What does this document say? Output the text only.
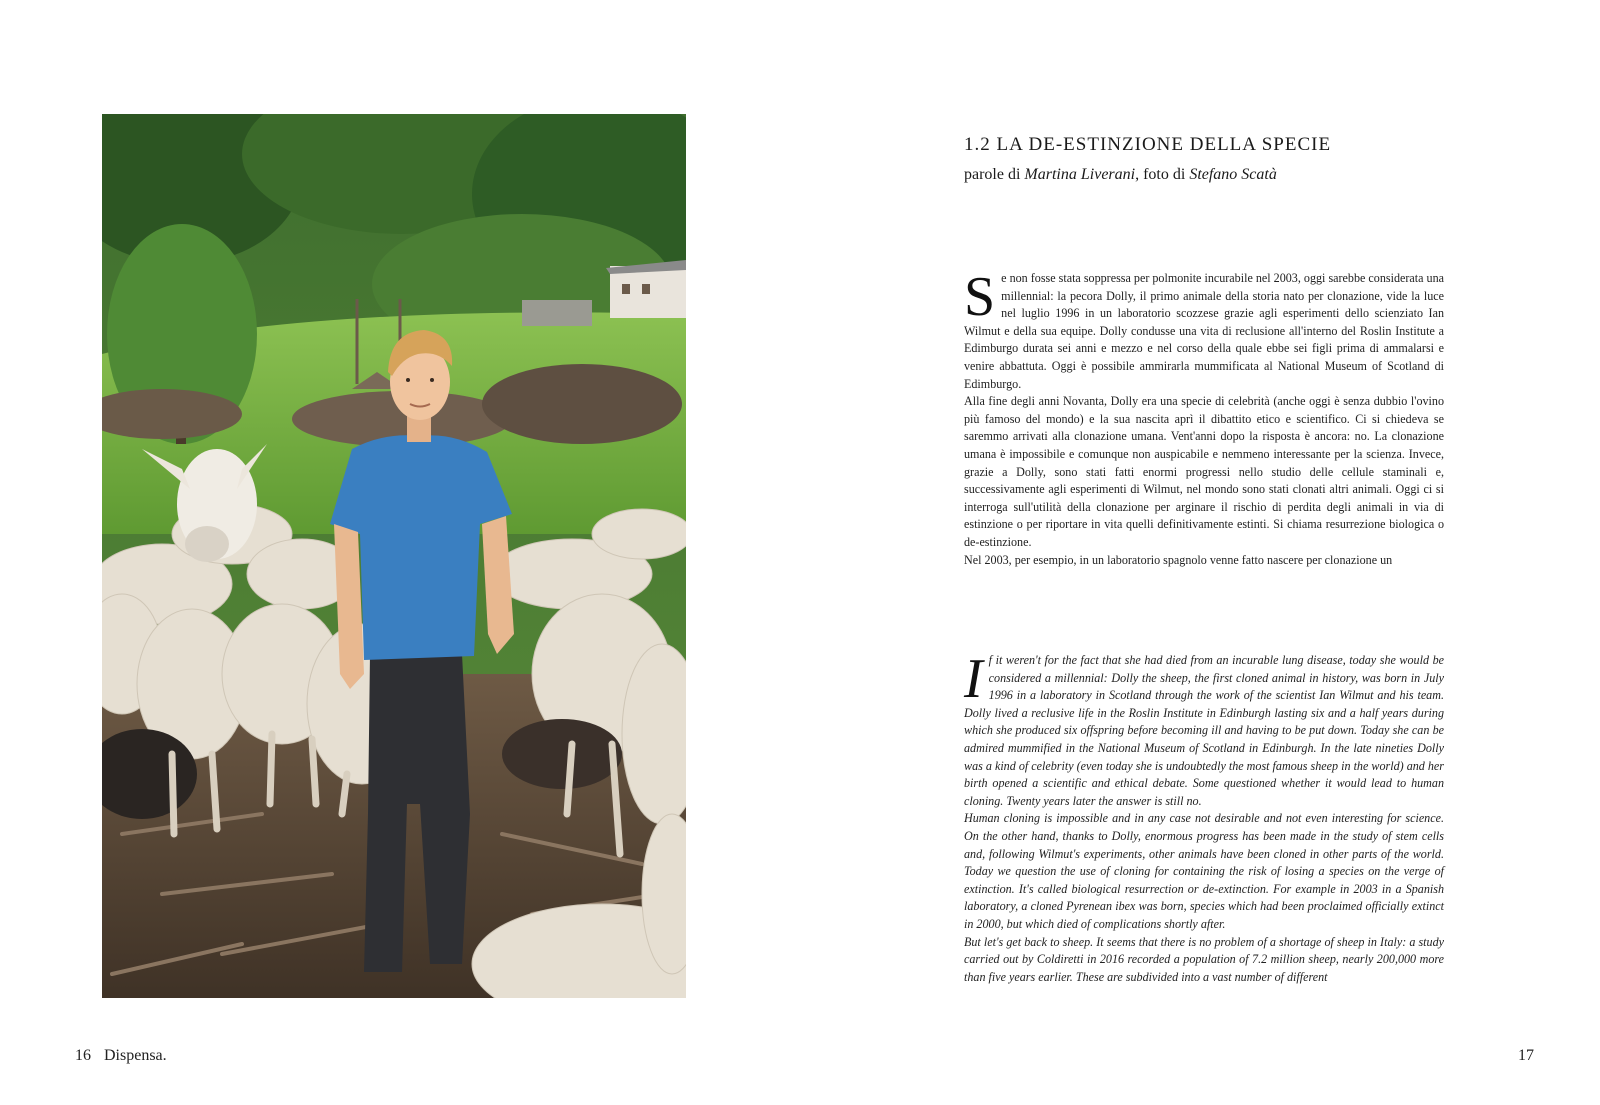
16 Dispensa.
1.2 LA DE-ESTINZIONE DELLA SPECIE
parole di Martina Liverani, foto di Stefano Scatà
S e non fosse stata soppressa per polmonite incurabile nel 2003, oggi sarebbe considerata una millennial: la pecora Dolly, il primo animale della storia nato per clonazione, vide la luce nel luglio 1996 in un laboratorio scozzese grazie agli esperimenti dello scienziato Ian Wilmut e della sua equipe. Dolly condusse una vita di reclusione all'interno del Roslin Institute a Edimburgo durata sei anni e mezzo e nel corso della quale ebbe sei figli prima di ammalarsi e venire abbattuta. Oggi è possibile ammirarla mummificata al National Museum of Scotland di Edimburgo.

Alla fine degli anni Novanta, Dolly era una specie di celebrità (anche oggi è senza dubbio l'ovino più famoso del mondo) e la sua nascita aprì il dibattito etico e scientifico. Ci si chiedeva se saremmo arrivati alla clonazione umana. Vent'anni dopo la risposta è ancora: no. La clonazione umana è impossibile e comunque non auspicabile e nemmeno interessante per la scienza. Invece, grazie a Dolly, sono stati fatti enormi progressi nello studio delle cellule staminali e, successivamente agli esperimenti di Wilmut, nel mondo sono stati clonati altri animali. Oggi ci si interroga sull'utilità della clonazione per arginare il rischio di perdita degli animali in via di estinzione o per riportare in vita quelli definitivamente estinti. Si chiama resurrezione biologica o de-estinzione.

Nel 2003, per esempio, in un laboratorio spagnolo venne fatto nascere per clonazione un

I f it weren't for the fact that she had died from an incurable lung disease, today she would be considered a millennial: Dolly the sheep, the first cloned animal in history, was born in July 1996 in a laboratory in Scotland through the work of the scientist Ian Wilmut and his team. Dolly lived a reclusive life in the Roslin Institute in Edinburgh lasting six and a half years during which she produced six offspring before becoming ill and having to be put down. Today she can be admired mummified in the National Museum of Scotland in Edinburgh. In the late nineties Dolly was a kind of celebrity (even today she is undoubtedly the most famous sheep in the world) and her birth opened a scientific and ethical debate. Some questioned whether it would lead to human cloning. Twenty years later the answer is still no.

Human cloning is impossible and in any case not desirable and not even interesting for science. On the other hand, thanks to Dolly, enormous progress has been made in the study of stem cells and, following Wilmut's experiments, other animals have been cloned in other parts of the world. Today we question the use of cloning for containing the risk of losing a species on the verge of extinction. It's called biological resurrection or de-extinction. For example in 2003 in a Spanish laboratory, a cloned Pyrenean ibex was born, species which had been proclaimed officially extinct in 2000, but which died of complications shortly after.

But let's get back to sheep. It seems that there is no problem of a shortage of sheep in Italy: a study carried out by Coldiretti in 2016 recorded a population of 7.2 million sheep, nearly 200,000 more than five years earlier. These are subdivided into a vast number of different

17
